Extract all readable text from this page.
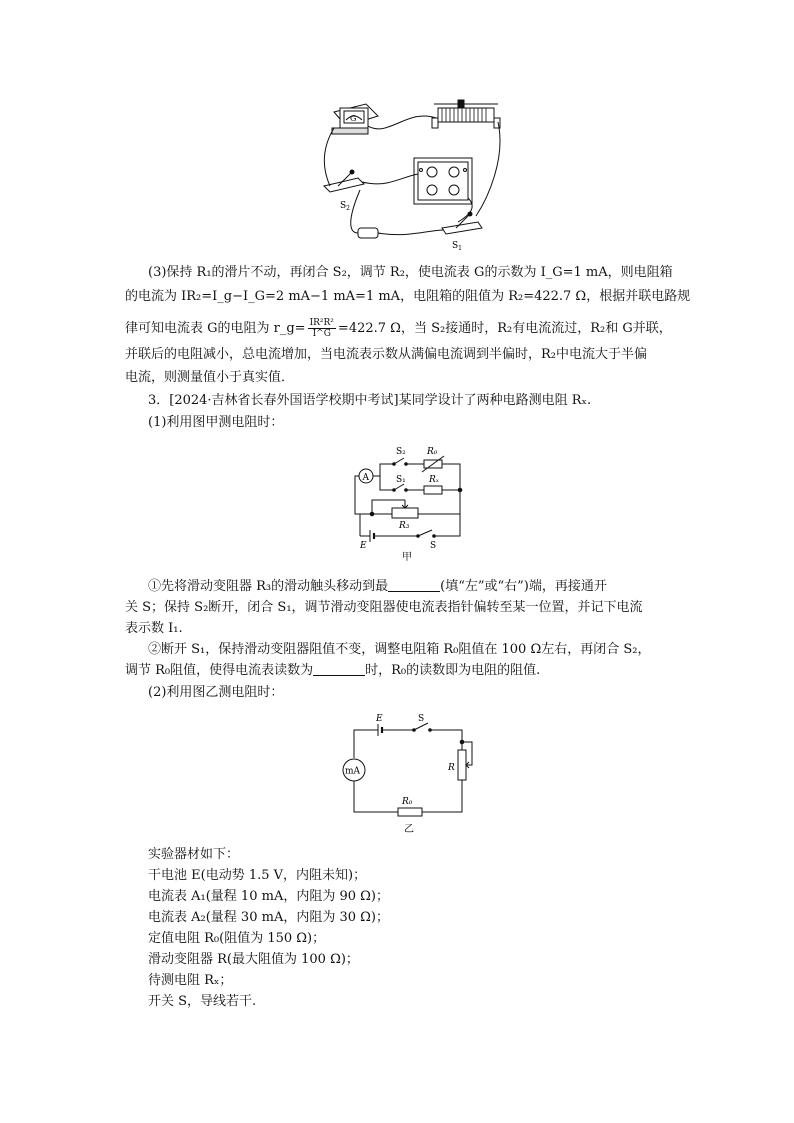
G
$S_2$
$S_1$
(3)保持 R₁的滑片不动，再闭合 S₂，调节 R₂，使电流表 G的示数为 I_G=1 mA，则电阻箱
的电流为 IR₂=I_g−I_G=2 mA−1 mA=1 mA，电阻箱的阻值为 R₂=422.7 Ω，根据并联电路规
律可知电流表 G的电阻为 r_g= $\frac{\text{IR²R²}}{I\^{}G} =422.7$ Ω，当 S₂接通时，R₂有电流流过，R₂和 G并联，
并联后的电阻减小，总电流增加，当电流表示数从满偏电流调到半偏时，R₂中电流大于半偏
电流，则测量值小于真实值．
3．[2024·吉林省长春外国语学校期中考试]某同学设计了两种电路测电阻 Rₓ.
(1)利用图甲测电阻时：
A
S₂ R₀
S₁	Rₓ
R₃
E	S
甲
①先将滑动变阻器 R₃的滑动触头移动到最	(填“左”或“右”)端，再接通开
关 S；保持 S₂断开，闭合 S₁，调节滑动变阻器使电流表指针偏转至某一位置，并记下电流
表示数 I₁.
②断开 S₁，保持滑动变阻器阻值不变，调整电阻箱 R₀阻值在 100 Ω左右，再闭合 S₂，
调节 R₀阻值，使得电流表读数为	时，R₀的读数即为电阻的阻值.
(2)利用图乙测电阻时：
E	S
mA	R
R₀
乙
实验器材如下：
干电池 E(电动势 1.5 V，内阻未知)；
电流表 A₁(量程 10 mA，内阻为 90 Ω)；
电流表 A₂(量程 30 mA，内阻为 30 Ω)；
定值电阻 R₀(阻值为 150 Ω)；
滑动变阻器 R(最大阻值为 100 Ω)；
待测电阻 Rₓ；
开关 S，导线若干.
